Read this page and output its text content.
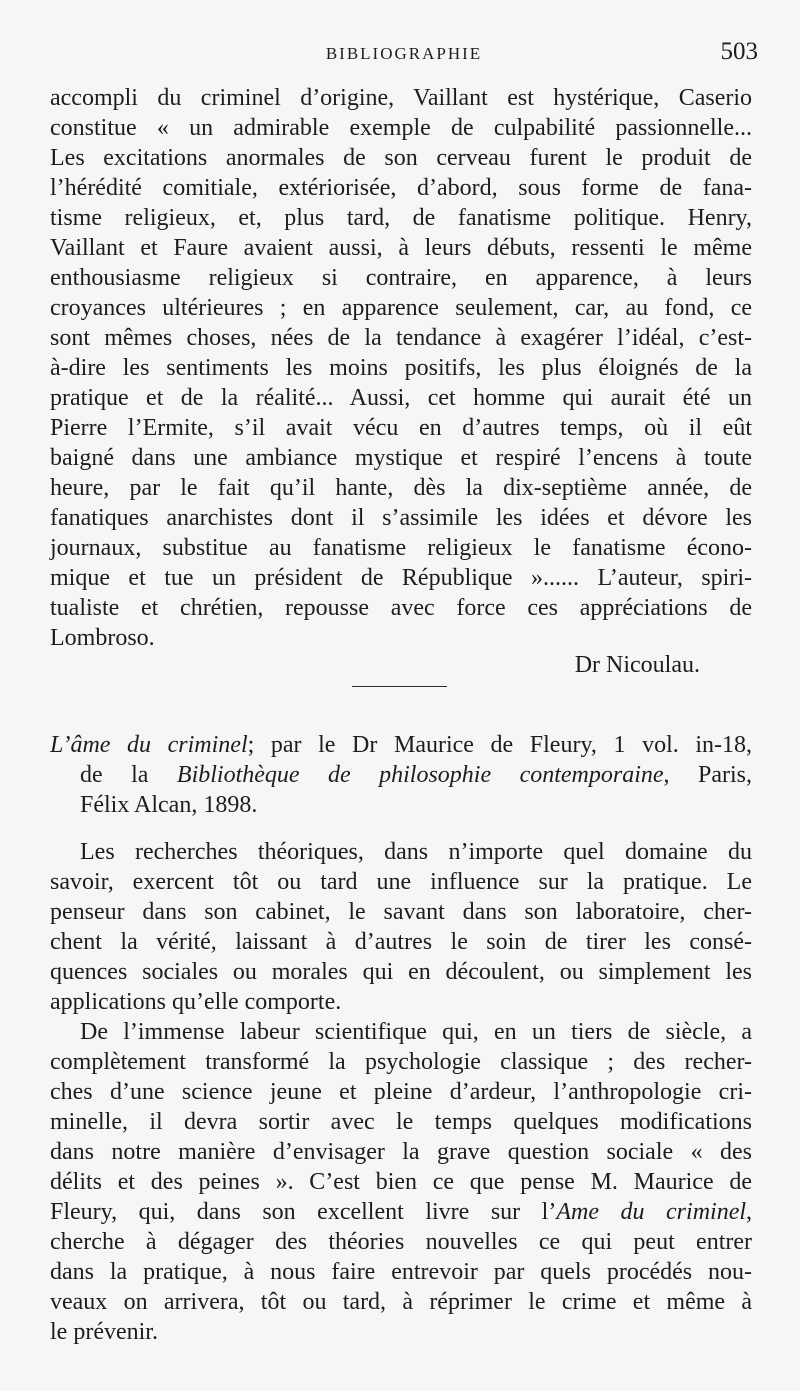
BIBLIOGRAPHIE	503
accompli du criminel d’origine, Vaillant est hystérique, Caserio
constitue « un admirable exemple de culpabilité passionnelle...
Les excitations anormales de son cerveau furent le produit de
l’hérédité comitiale, extériorisée, d’abord, sous forme de fana-
tisme religieux, et, plus tard, de fanatisme politique. Henry,
Vaillant et Faure avaient aussi, à leurs débuts, ressenti le même
enthousiasme religieux si contraire, en apparence, à leurs
croyances ultérieures ; en apparence seulement, car, au fond, ce
sont mêmes choses, nées de la tendance à exagérer l’idéal, c’est-
à-dire les sentiments les moins positifs, les plus éloignés de la
pratique et de la réalité... Aussi, cet homme qui aurait été un
Pierre l’Ermite, s’il avait vécu en d’autres temps, où il eût
baigné dans une ambiance mystique et respiré l’encens à toute
heure, par le fait qu’il hante, dès la dix-septième année, de
fanatiques anarchistes dont il s’assimile les idées et dévore les
journaux, substitue au fanatisme religieux le fanatisme écono-
mique et tue un président de République »...... L’auteur, spiri-
tualiste et chrétien, repousse avec force ces appréciations de
Lombroso.
Dr Nicoulau.
L’âme du criminel; par le Dr Maurice de Fleury, 1 vol. in-18,
de la Bibliothèque de philosophie contemporaine, Paris,
Félix Alcan, 1898.
Les recherches théoriques, dans n’importe quel domaine du
savoir, exercent tôt ou tard une influence sur la pratique. Le
penseur dans son cabinet, le savant dans son laboratoire, cher-
chent la vérité, laissant à d’autres le soin de tirer les consé-
quences sociales ou morales qui en découlent, ou simplement les
applications qu’elle comporte.
De l’immense labeur scientifique qui, en un tiers de siècle, a
complètement transformé la psychologie classique ; des recher-
ches d’une science jeune et pleine d’ardeur, l’anthropologie cri-
minelle, il devra sortir avec le temps quelques modifications
dans notre manière d’envisager la grave question sociale « des
délits et des peines ». C’est bien ce que pense M. Maurice de
Fleury, qui, dans son excellent livre sur l’Ame du criminel,
cherche à dégager des théories nouvelles ce qui peut entrer
dans la pratique, à nous faire entrevoir par quels procédés nou-
veaux on arrivera, tôt ou tard, à réprimer le crime et même à
le prévenir.
